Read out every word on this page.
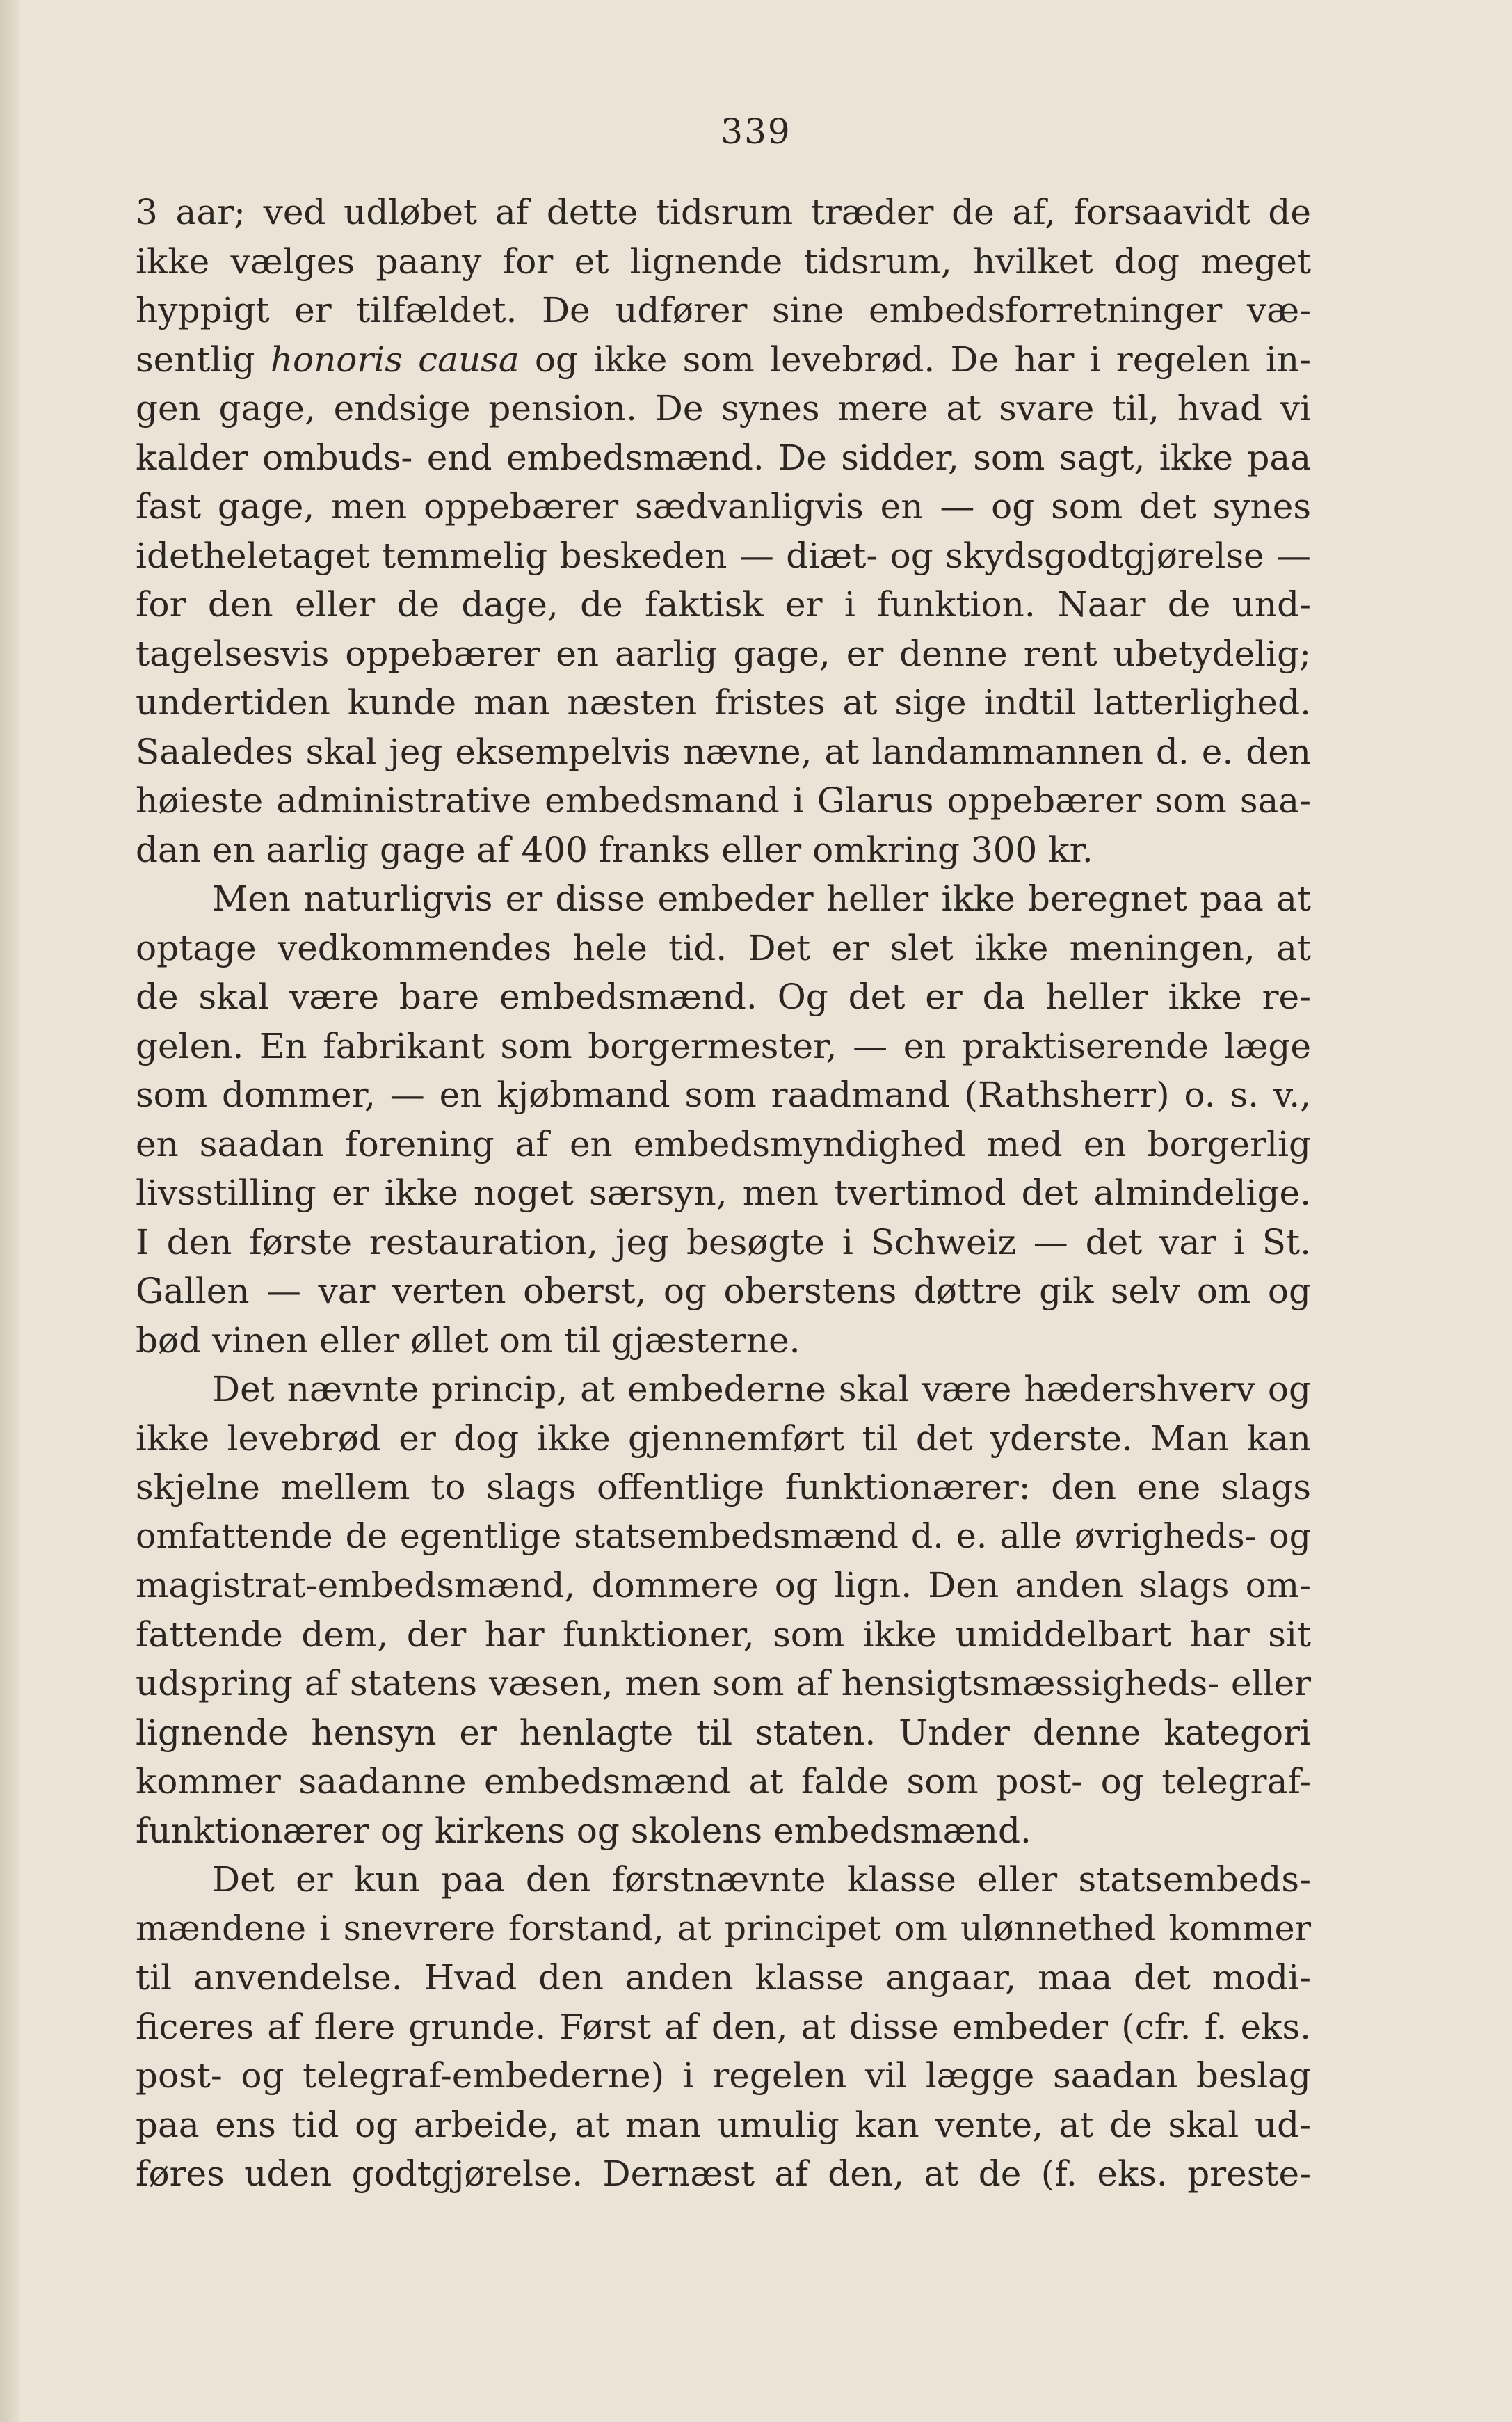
339
3 aar; ved udløbet af dette tidsrum træder de af, forsaavidt de
ikke vælges paany for et lignende tidsrum, hvilket dog meget
hyppigt er tilfældet. De udfører sine embedsforretninger væ-
sentlig honoris causa og ikke som levebrød. De har i regelen in-
gen gage, endsige pension. De synes mere at svare til, hvad vi
kalder ombuds- end embedsmænd. De sidder, som sagt, ikke paa
fast gage, men oppebærer sædvanligvis en — og som det synes
idetheletaget temmelig beskeden — diæt- og skydsgodtgjørelse —
for den eller de dage, de faktisk er i funktion. Naar de und-
tagelsesvis oppebærer en aarlig gage, er denne rent ubetydelig;
undertiden kunde man næsten fristes at sige indtil latterlighed.
Saaledes skal jeg eksempelvis nævne, at landammannen d. e. den
høieste administrative embedsmand i Glarus oppebærer som saa-
dan en aarlig gage af 400 franks eller omkring 300 kr.
Men naturligvis er disse embeder heller ikke beregnet paa at
optage vedkommendes hele tid. Det er slet ikke meningen, at
de skal være bare embedsmænd. Og det er da heller ikke re-
gelen. En fabrikant som borgermester, — en praktiserende læge
som dommer, — en kjøbmand som raadmand (Rathsherr) o. s. v.,
en saadan forening af en embedsmyndighed med en borgerlig
livsstilling er ikke noget særsyn, men tvertimod det almindelige.
I den første restauration, jeg besøgte i Schweiz — det var i St.
Gallen — var verten oberst, og oberstens døttre gik selv om og
bød vinen eller øllet om til gjæsterne.
Det nævnte princip, at embederne skal være hædershverv og
ikke levebrød er dog ikke gjennemført til det yderste. Man kan
skjelne mellem to slags offentlige funktionærer: den ene slags
omfattende de egentlige statsembedsmænd d. e. alle øvrigheds- og
magistrat-embedsmænd, dommere og lign. Den anden slags om-
fattende dem, der har funktioner, som ikke umiddelbart har sit
udspring af statens væsen, men som af hensigtsmæssigheds- eller
lignende hensyn er henlagte til staten. Under denne kategori
kommer saadanne embedsmænd at falde som post- og telegraf-
funktionærer og kirkens og skolens embedsmænd.
Det er kun paa den førstnævnte klasse eller statsembeds-
mændene i snevrere forstand, at principet om ulønnethed kommer
til anvendelse. Hvad den anden klasse angaar, maa det modi-
ficeres af flere grunde. Først af den, at disse embeder (cfr. f. eks.
post- og telegraf-embederne) i regelen vil lægge saadan beslag
paa ens tid og arbeide, at man umulig kan vente, at de skal ud-
føres uden godtgjørelse. Dernæst af den, at de (f. eks. preste-
